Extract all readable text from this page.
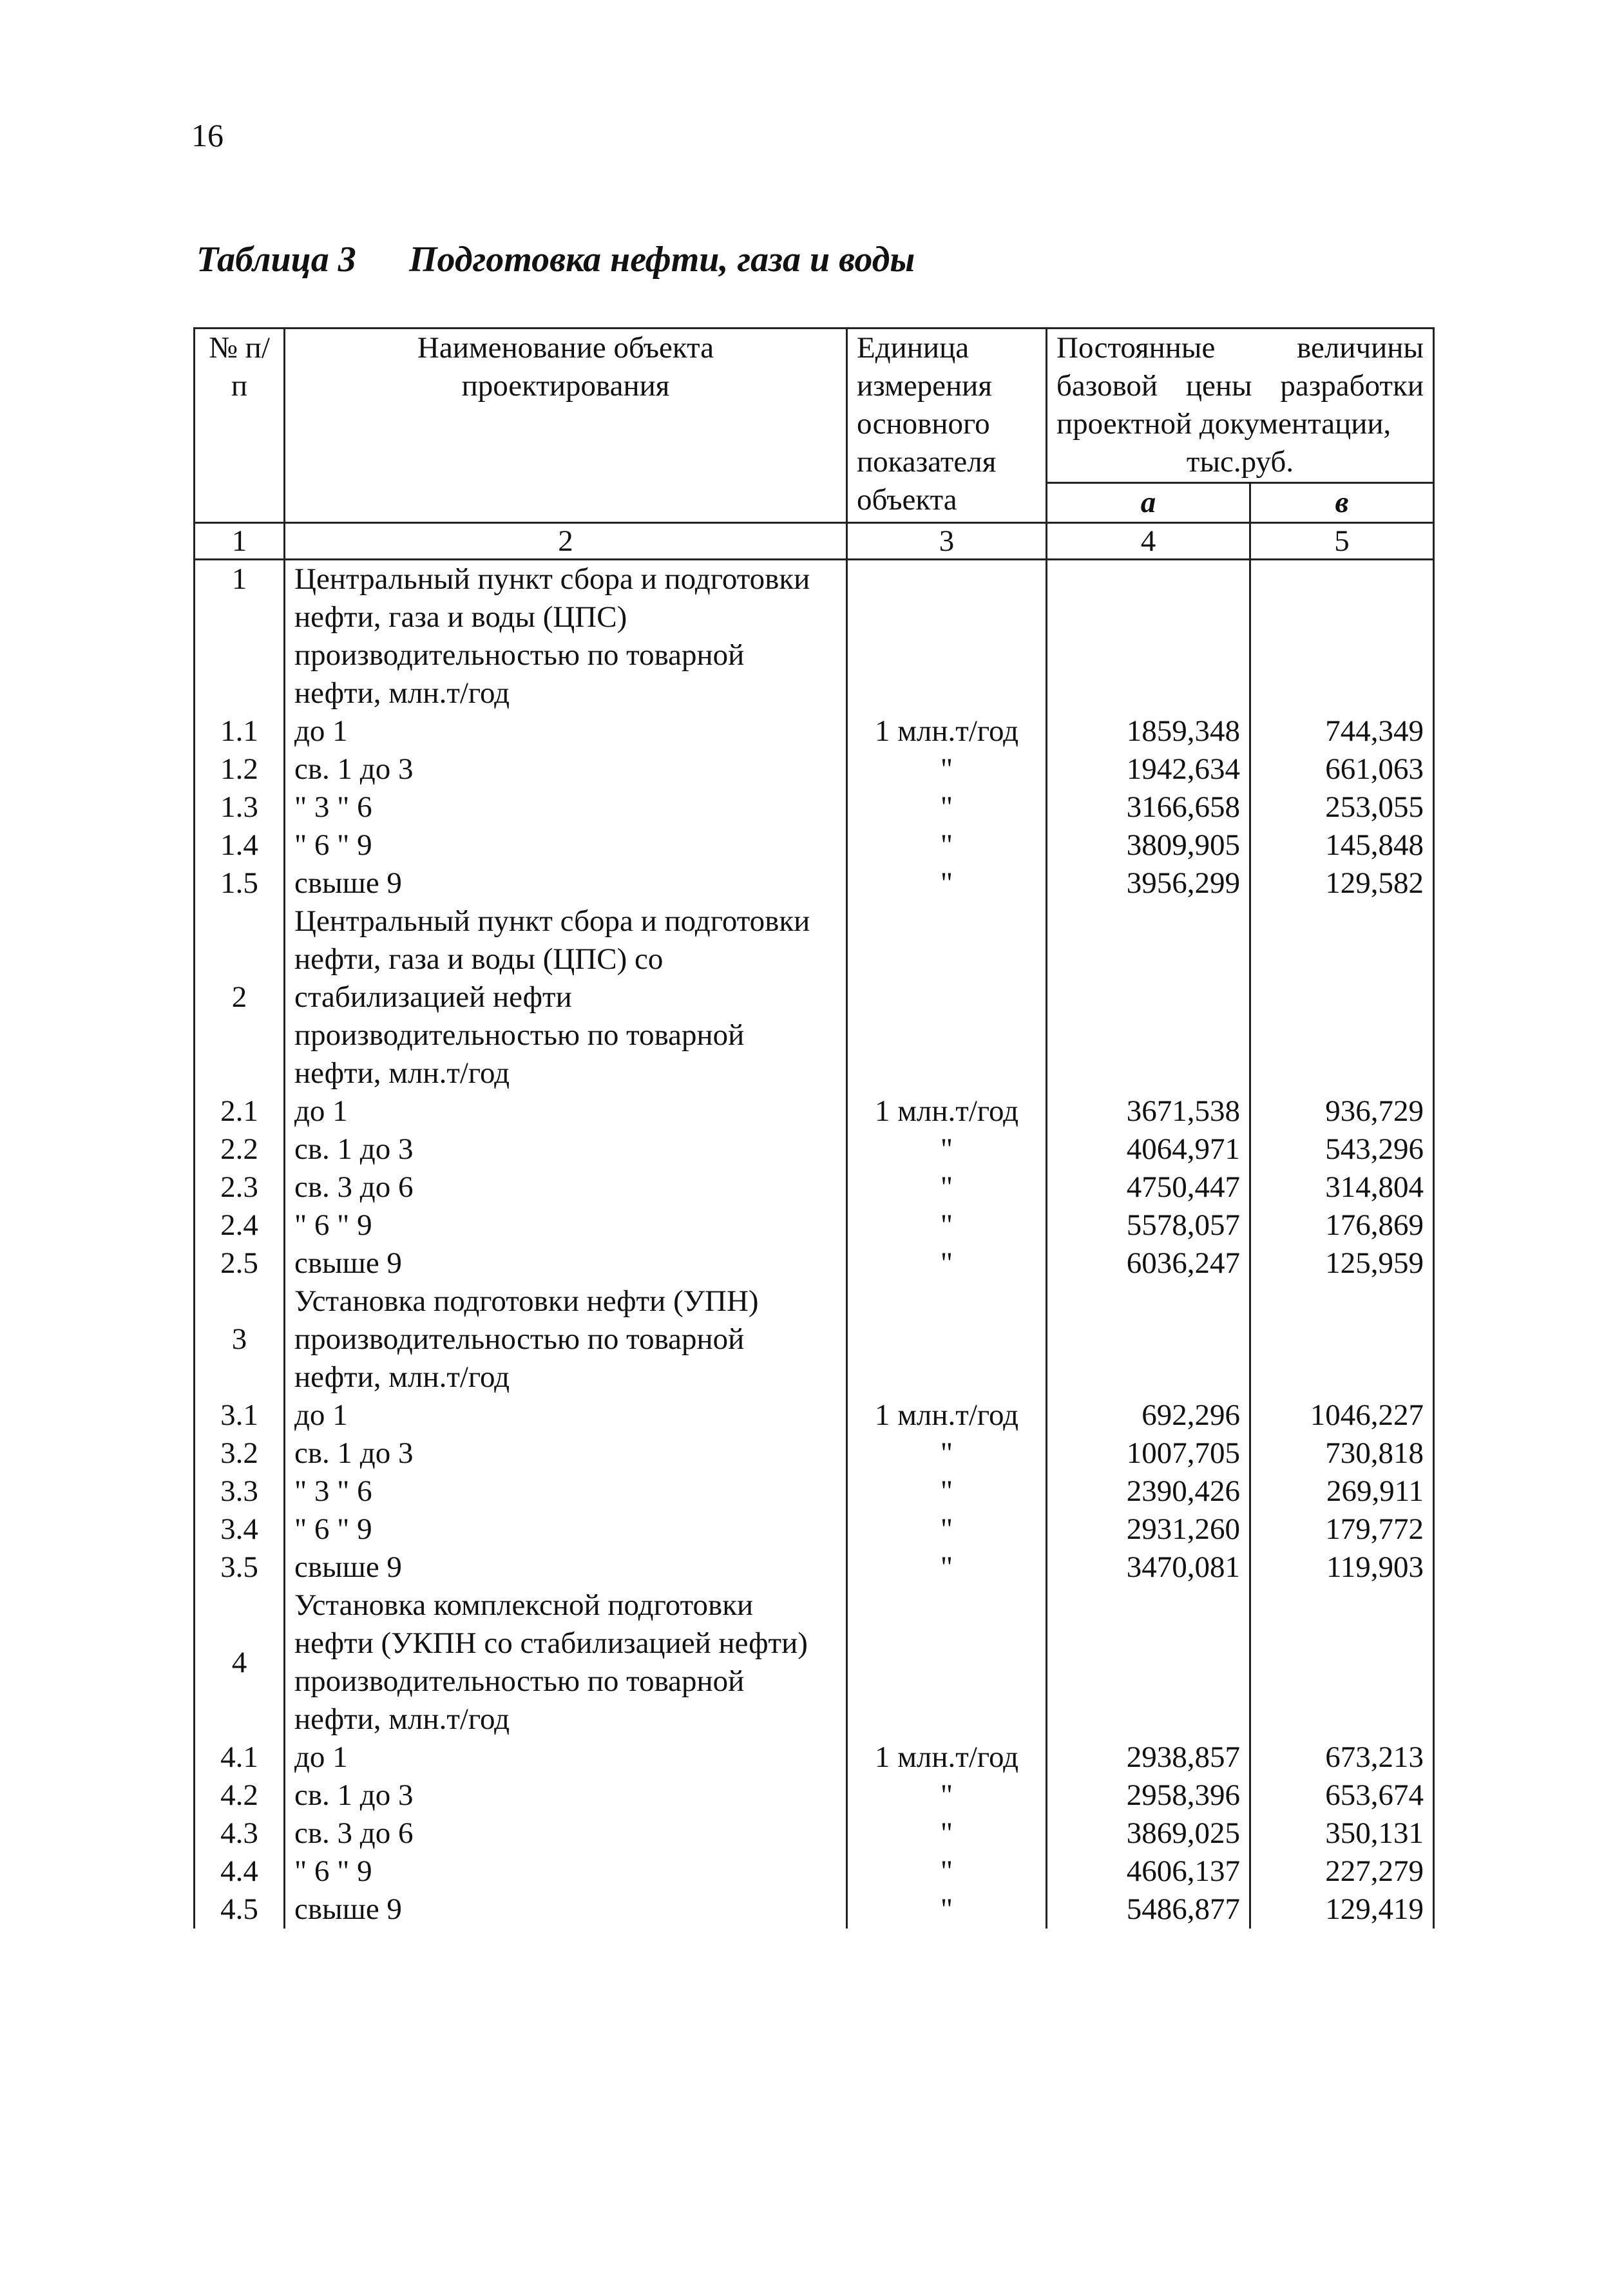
16
Таблица 3 Подготовка нефти, газа и воды
№ п/п	Наименование объекта проектирования	Единица измерения основного показателя объекта	Постоянные величины базовой цены разработки проектной документации,
тыс.руб.	

			а	в
1	2	3	4	5
1	Центральный пункт сбора и подготовки нефти, газа и воды (ЦПС) производительностью по товарной нефти, млн.т/год			
1.1	до 1	1 млн.т/год	1859,348	744,349
1.2	св. 1 до 3	"	1942,634	661,063
1.3	" 3 " 6	"	3166,658	253,055
1.4	" 6 " 9	"	3809,905	145,848
1.5	свыше 9	"	3956,299	129,582
2	Центральный пункт сбора и подготовки нефти, газа и воды (ЦПС) со стабилизацией нефти производительностью по товарной нефти, млн.т/год			
2.1	до 1	1 млн.т/год	3671,538	936,729
2.2	св. 1 до 3	"	4064,971	543,296
2.3	св. 3 до 6	"	4750,447	314,804
2.4	" 6 " 9	"	5578,057	176,869
2.5	свыше 9	"	6036,247	125,959
3	Установка подготовки нефти (УПН) производительностью по товарной нефти, млн.т/год			
3.1	до 1	1 млн.т/год	692,296	1046,227
3.2	св. 1 до 3	"	1007,705	730,818
3.3	" 3 " 6	"	2390,426	269,911
3.4	" 6 " 9	"	2931,260	179,772
3.5	свыше 9	"	3470,081	119,903
4	Установка комплексной подготовки нефти (УКПН со стабилизацией нефти) производительностью по товарной нефти, млн.т/год			
4.1	до 1	1 млн.т/год	2938,857	673,213
4.2	св. 1 до 3	"	2958,396	653,674
4.3	св. 3 до 6	"	3869,025	350,131
4.4	" 6 " 9	"	4606,137	227,279
4.5	свыше 9	"	5486,877	129,419
